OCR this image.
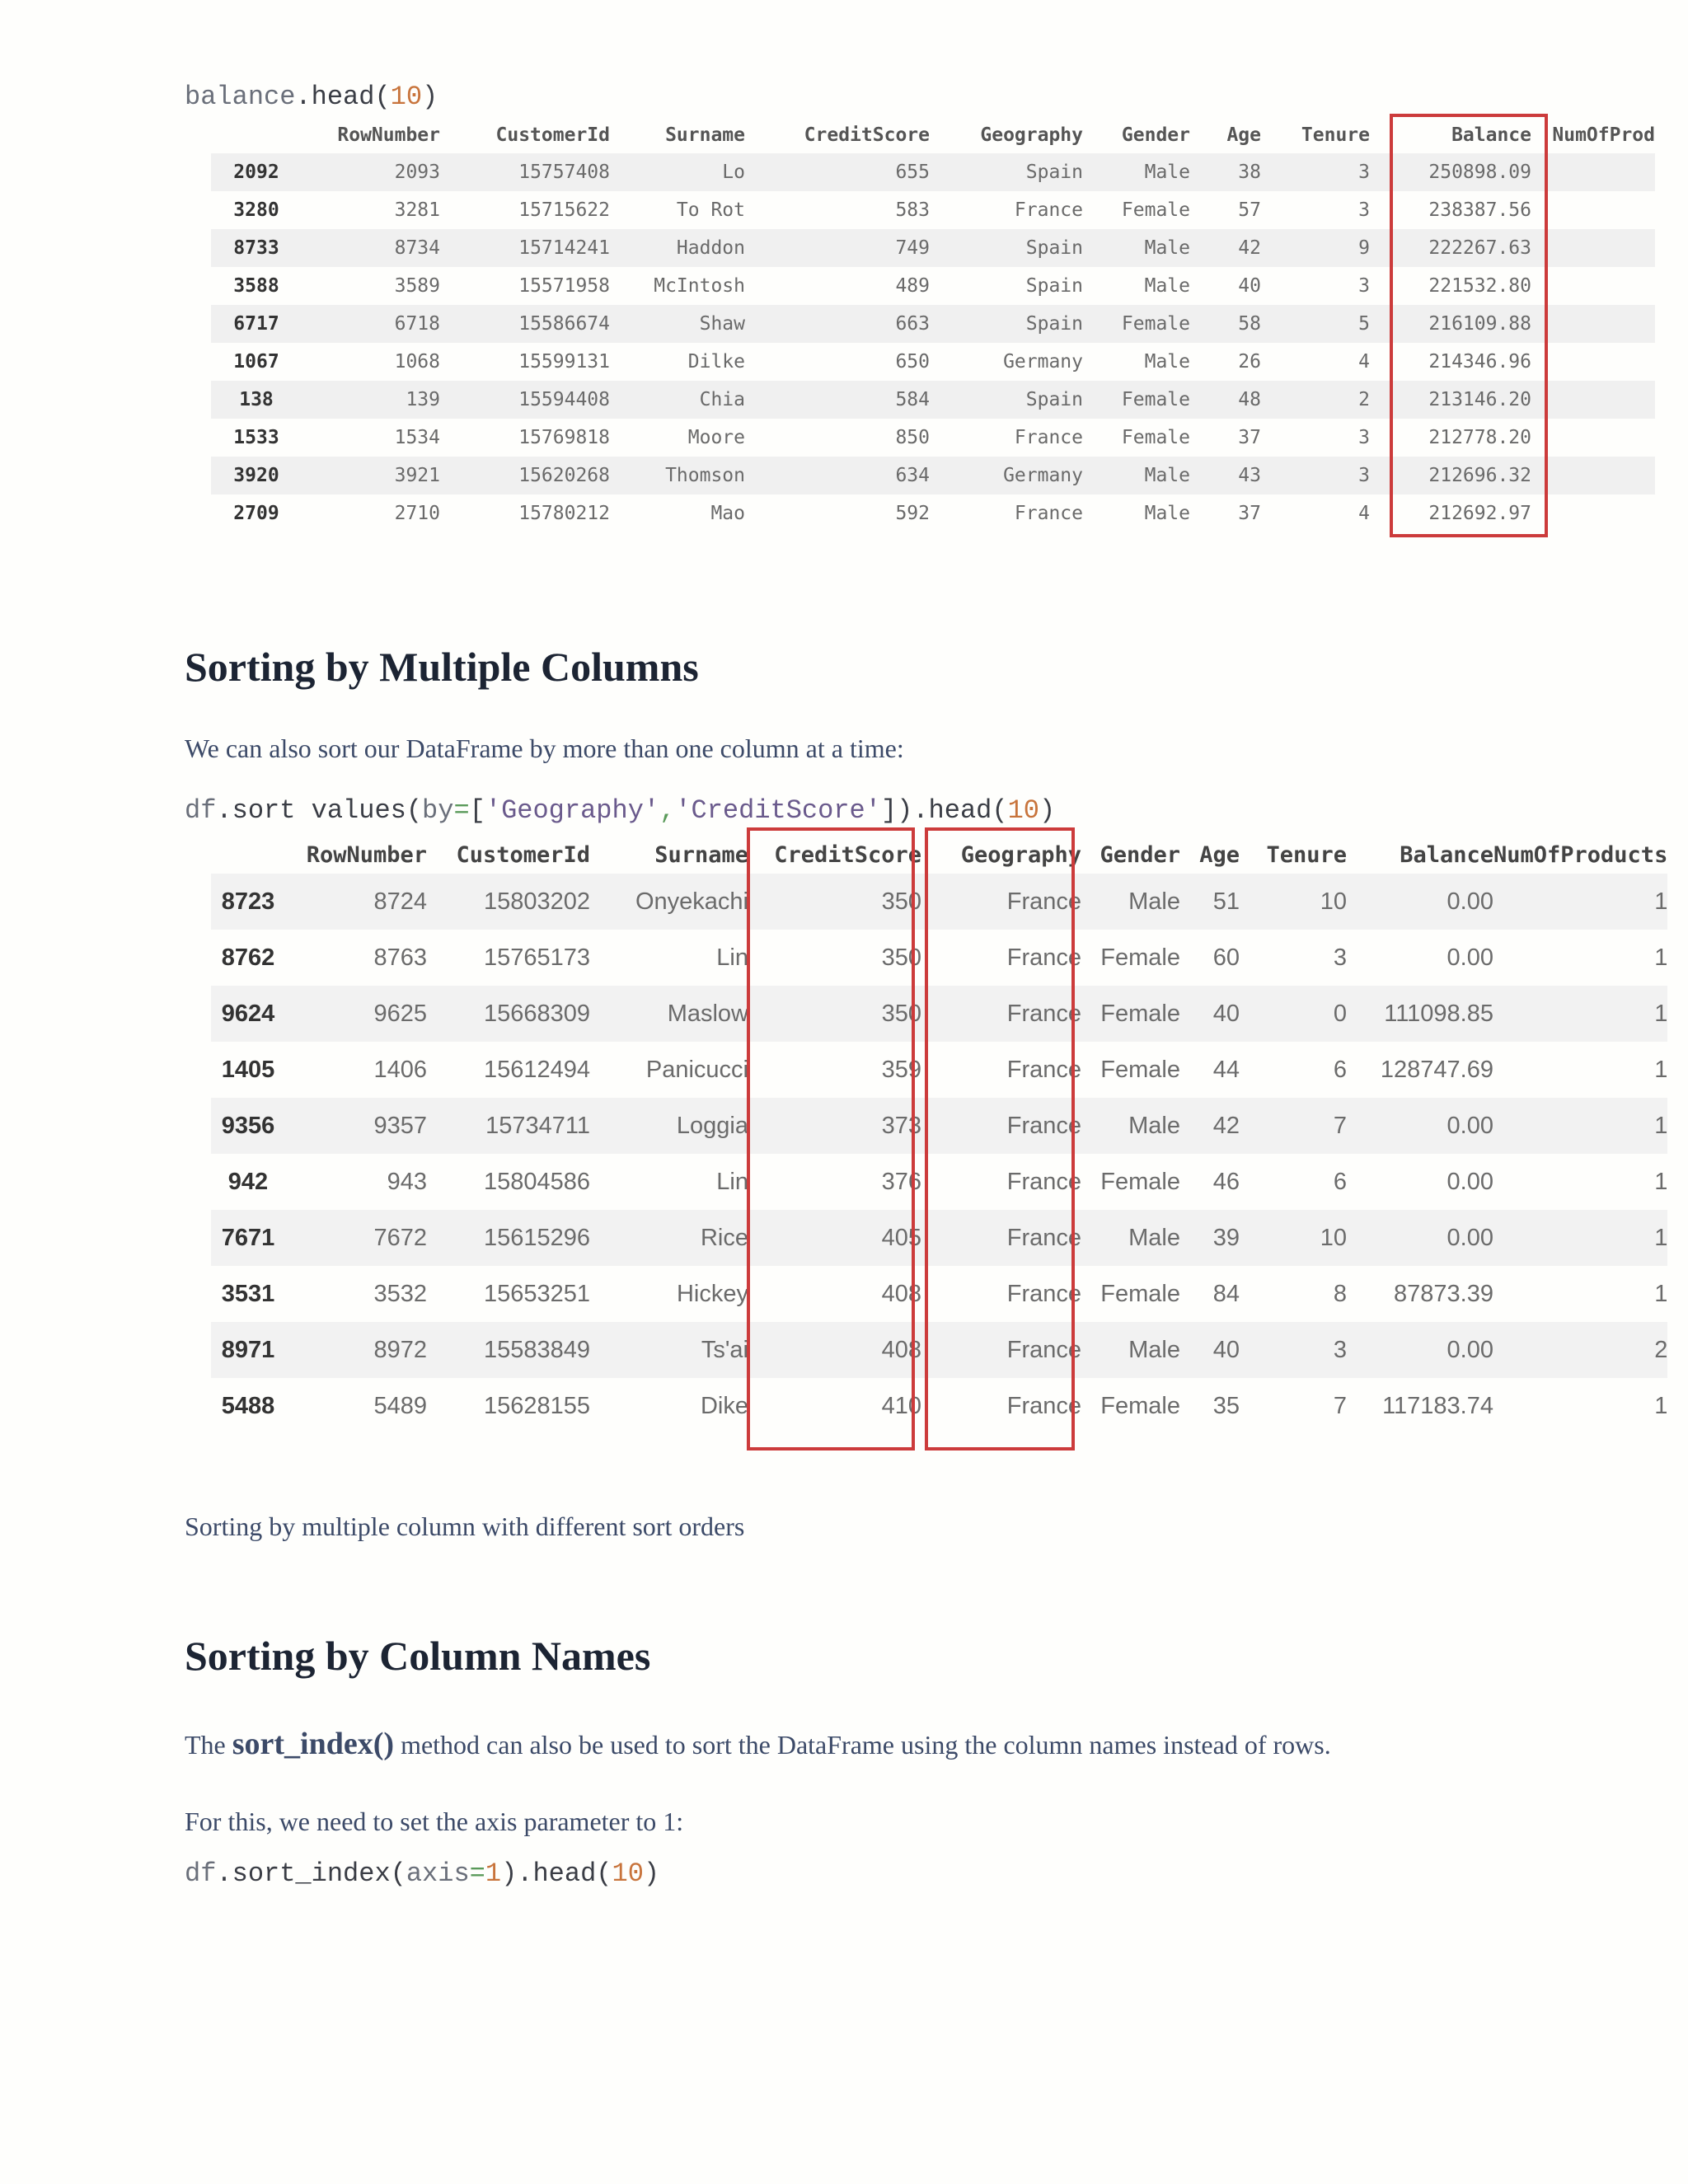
balance.head(10)
	RowNumber	CustomerId	Surname	CreditScore	Geography	Gender	Age	Tenure	Balance	NumOfProd
2092	2093	15757408	Lo	655	Spain	Male	38	3	250898.09	
3280	3281	15715622	To Rot	583	France	Female	57	3	238387.56	
8733	8734	15714241	Haddon	749	Spain	Male	42	9	222267.63	
3588	3589	15571958	McIntosh	489	Spain	Male	40	3	221532.80	
6717	6718	15586674	Shaw	663	Spain	Female	58	5	216109.88	
1067	1068	15599131	Dilke	650	Germany	Male	26	4	214346.96	
138	139	15594408	Chia	584	Spain	Female	48	2	213146.20	
1533	1534	15769818	Moore	850	France	Female	37	3	212778.20	
3920	3921	15620268	Thomson	634	Germany	Male	43	3	212696.32	
2709	2710	15780212	Mao	592	France	Male	37	4	212692.97	
Sorting by Multiple Columns

We can also sort our DataFrame by more than one column at a time:

df.sort values(by=['Geography','CreditScore']).head(10)
	RowNumber	CustomerId	Surname	CreditScore	Geography	Gender	Age	Tenure	Balance	NumOfProducts
8723	8724	15803202	Onyekachi	350	France	Male	51	10	0.00	1
8762	8763	15765173	Lin	350	France	Female	60	3	0.00	1
9624	9625	15668309	Maslow	350	France	Female	40	0	111098.85	1
1405	1406	15612494	Panicucci	359	France	Female	44	6	128747.69	1
9356	9357	15734711	Loggia	373	France	Male	42	7	0.00	1
942	943	15804586	Lin	376	France	Female	46	6	0.00	1
7671	7672	15615296	Rice	405	France	Male	39	10	0.00	1
3531	3532	15653251	Hickey	408	France	Female	84	8	87873.39	1
8971	8972	15583849	Ts'ai	408	France	Male	40	3	0.00	2
5488	5489	15628155	Dike	410	France	Female	35	7	117183.74	1

Sorting by multiple column with different sort orders

Sorting by Column Names

The sort_index() method can also be used to sort the DataFrame using the column names instead of rows.

For this, we need to set the axis parameter to 1:

df.sort_index(axis=1).head(10)
